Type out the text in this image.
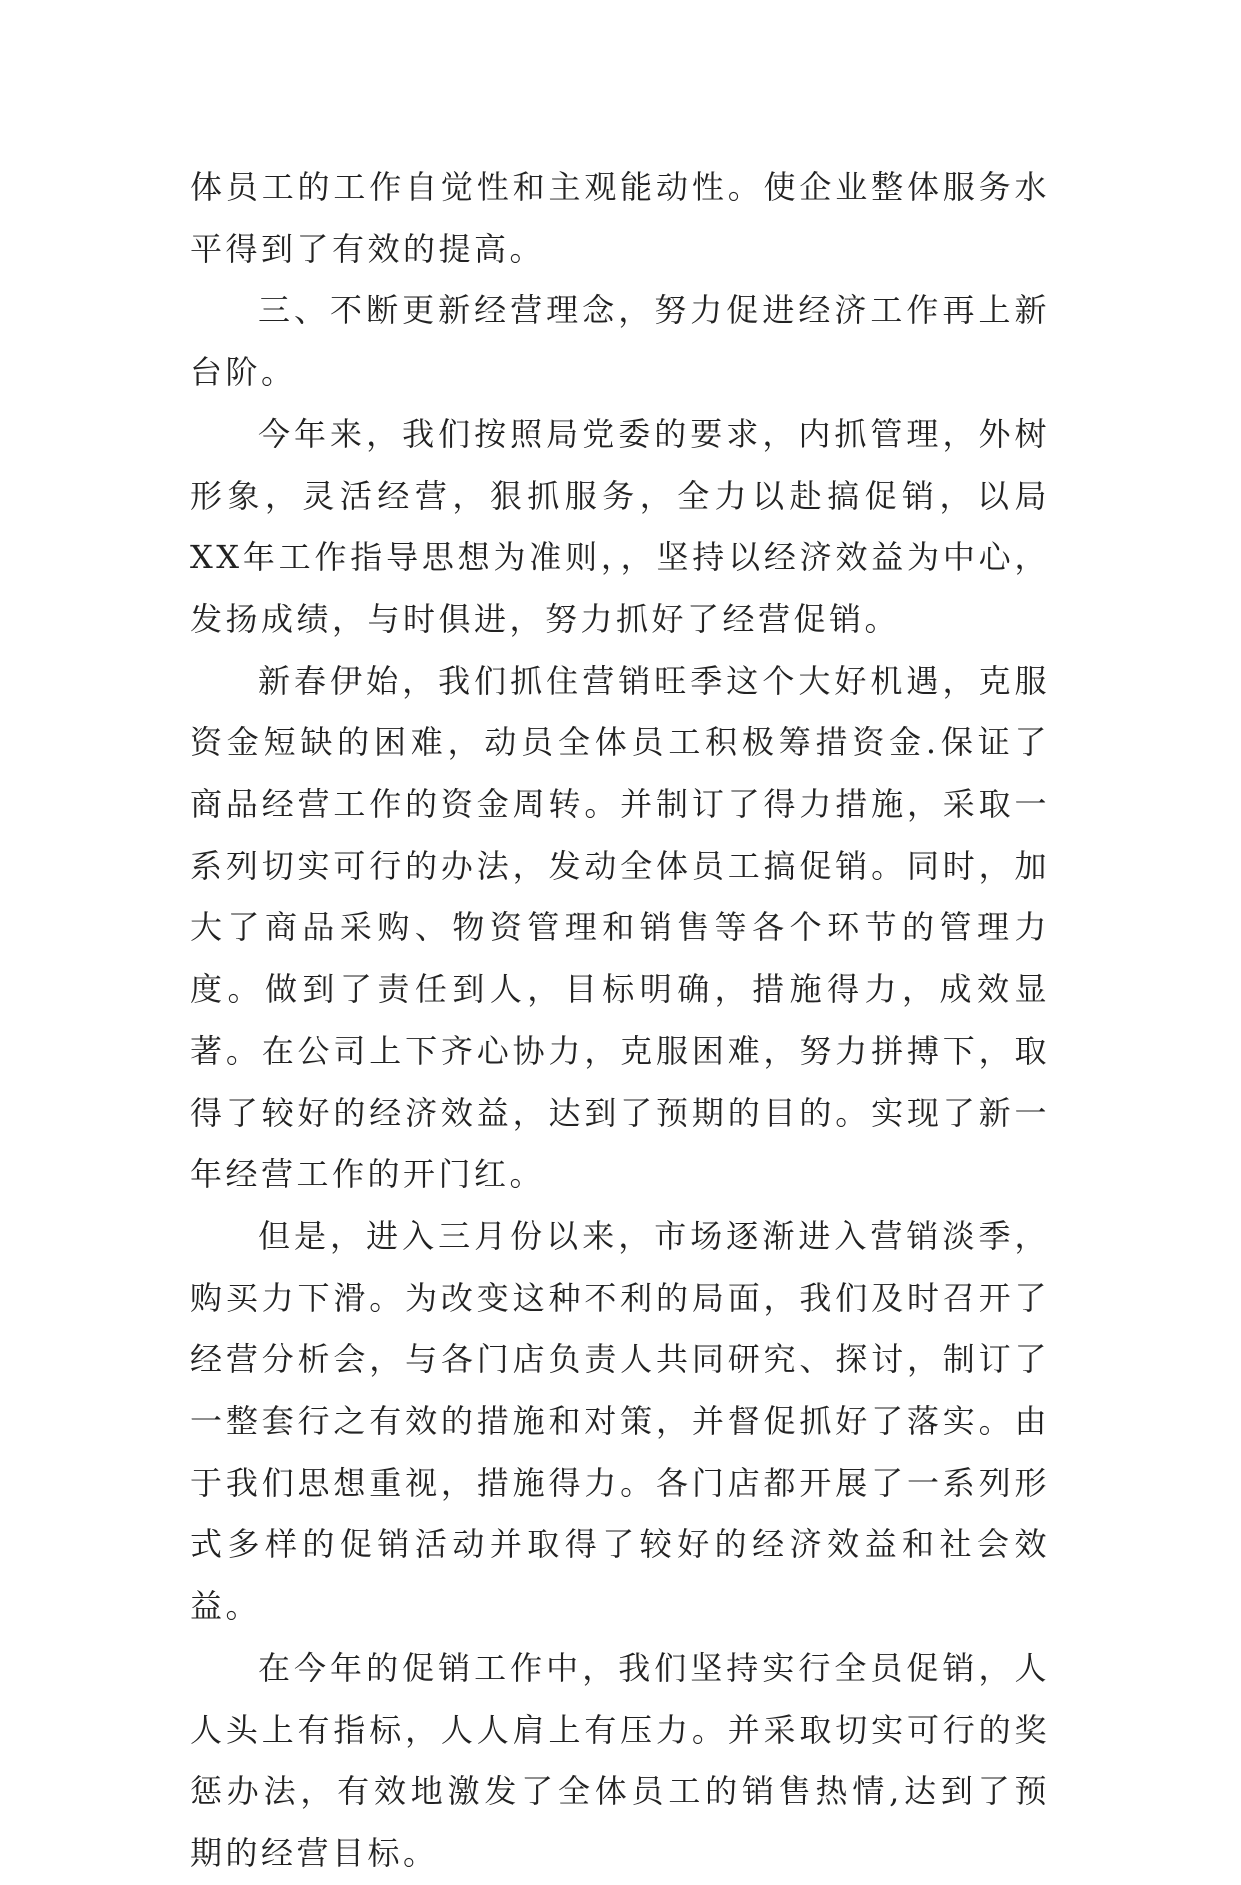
体员工的工作自觉性和主观能动性。使企业整体服务水平得到了有效的提高。

三、不断更新经营理念，努力促进经济工作再上新台阶。

今年来，我们按照局党委的要求，内抓管理，外树形象，灵活经营，狠抓服务，全力以赴搞促销，以局XX年工作指导思想为准则，，坚持以经济效益为中心，发扬成绩，与时俱进，努力抓好了经营促销。

新春伊始，我们抓住营销旺季这个大好机遇，克服资金短缺的困难，动员全体员工积极筹措资金.保证了商品经营工作的资金周转。并制订了得力措施，采取一系列切实可行的办法，发动全体员工搞促销。同时，加大了商品采购、物资管理和销售等各个环节的管理力度。做到了责任到人，目标明确，措施得力，成效显著。在公司上下齐心协力，克服困难，努力拼搏下，取得了较好的经济效益，达到了预期的目的。实现了新一年经营工作的开门红。

但是，进入三月份以来，市场逐渐进入营销淡季，购买力下滑。为改变这种不利的局面，我们及时召开了经营分析会，与各门店负责人共同研究、探讨，制订了一整套行之有效的措施和对策，并督促抓好了落实。由于我们思想重视，措施得力。各门店都开展了一系列形式多样的促销活动并取得了较好的经济效益和社会效益。

在今年的促销工作中，我们坚持实行全员促销，人人头上有指标，人人肩上有压力。并采取切实可行的奖惩办法，有效地激发了全体员工的销售热情,达到了预期的经营目标。
